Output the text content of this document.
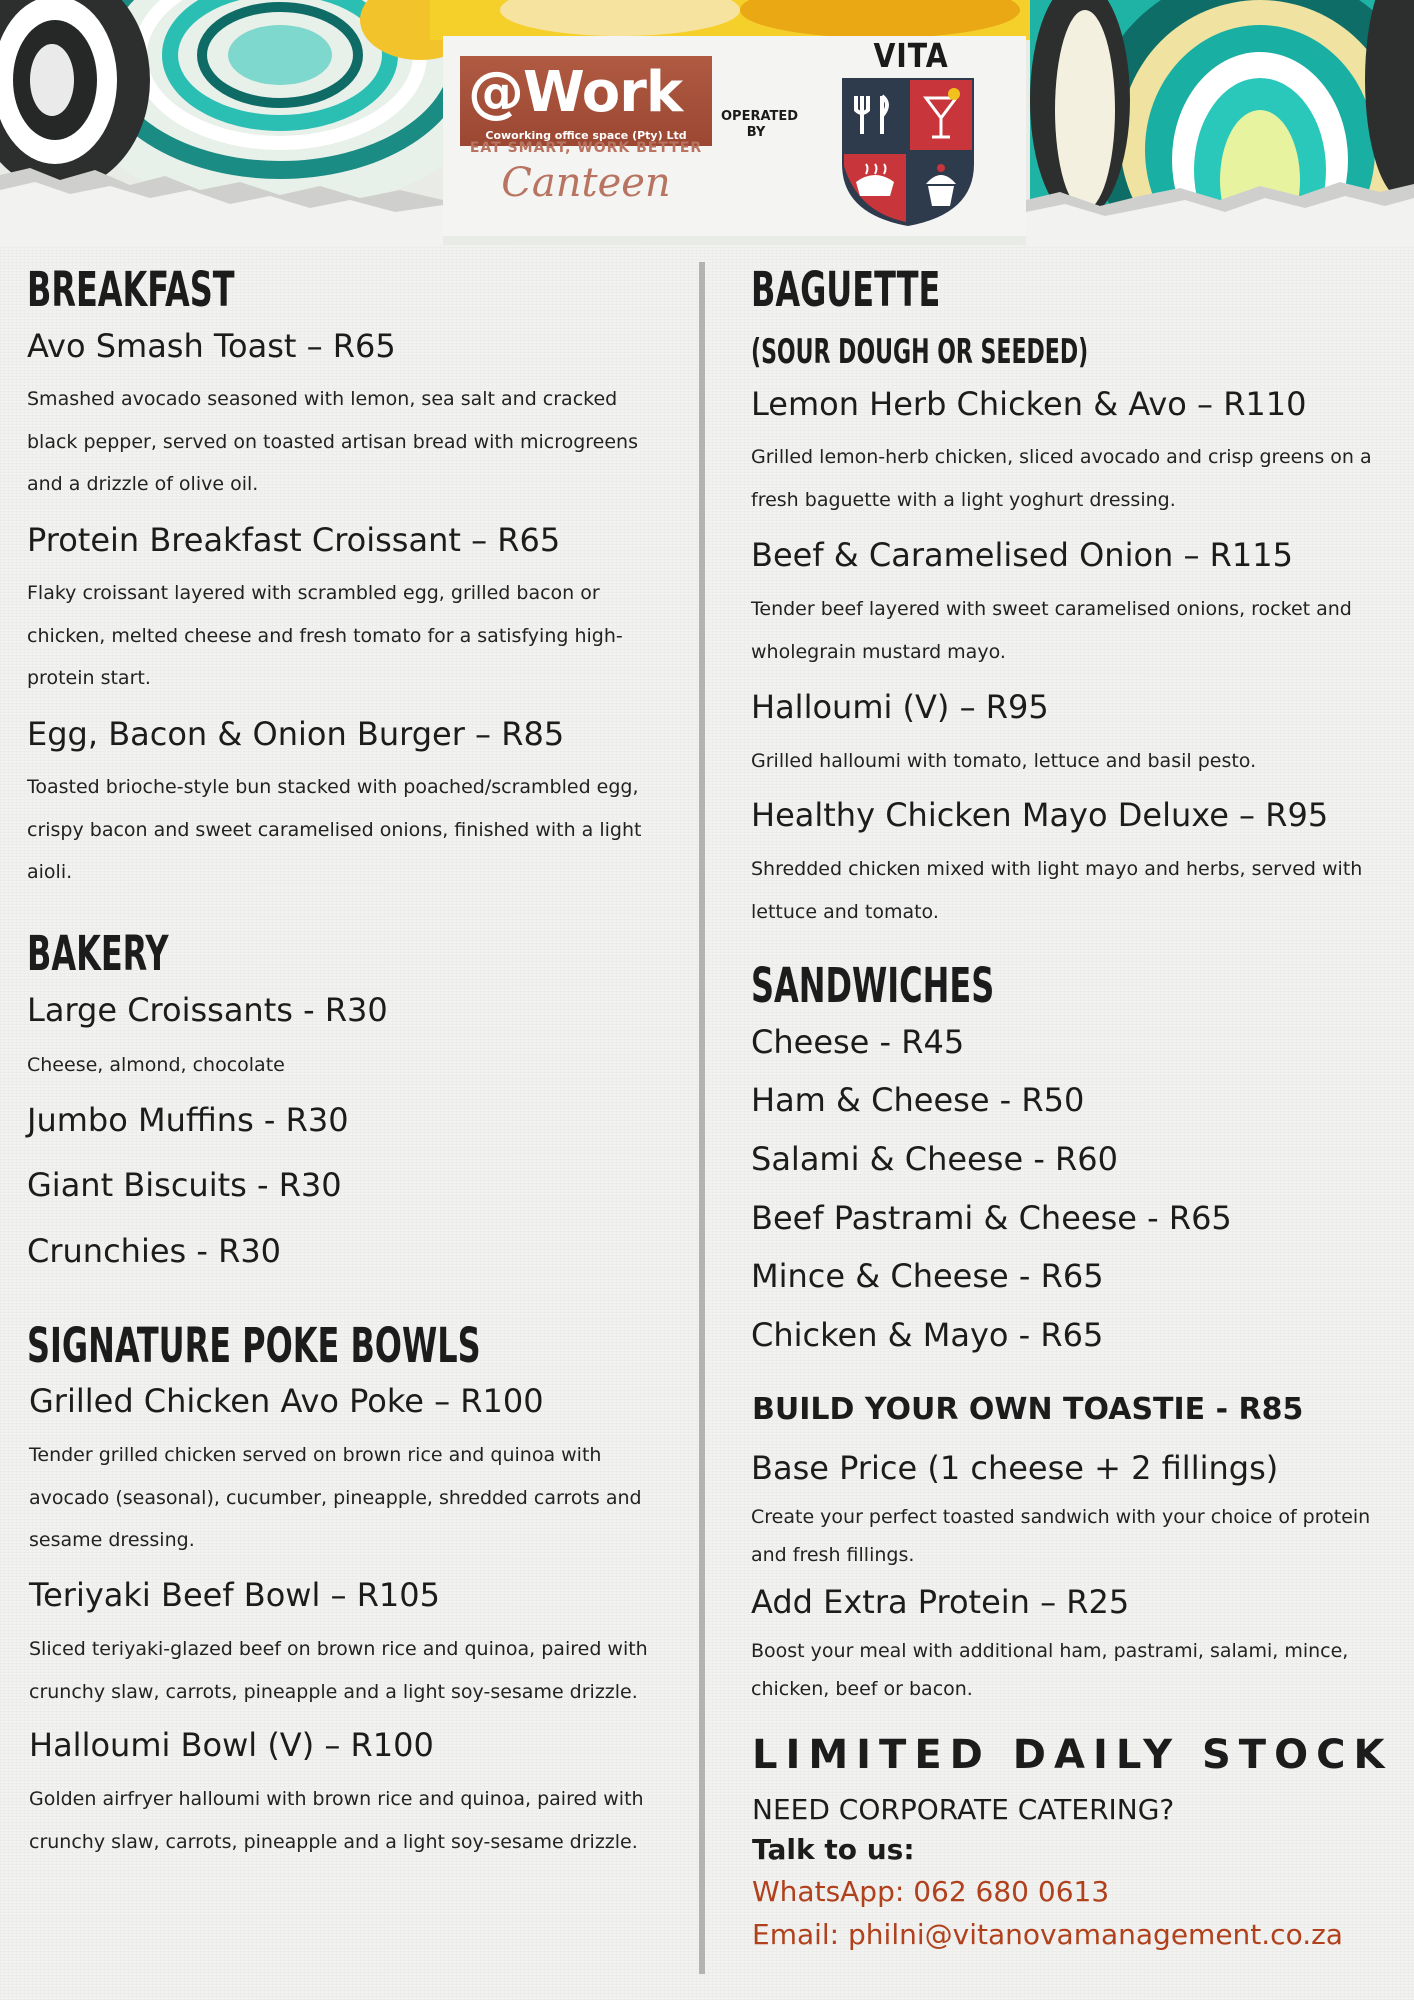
@Work
Coworking office space (Pty) Ltd
EAT SMART, WORK BETTER
Canteen
OPERATED BY
VITA
BREAKFAST
Avo Smash Toast – R65
Smashed avocado seasoned with lemon, sea salt and cracked black pepper, served on toasted artisan bread with microgreens and a drizzle of olive oil.
Protein Breakfast Croissant – R65
Flaky croissant layered with scrambled egg, grilled bacon or chicken, melted cheese and fresh tomato for a satisfying high-protein start.
Egg, Bacon & Onion Burger – R85
Toasted brioche-style bun stacked with poached/scrambled egg, crispy bacon and sweet caramelised onions, finished with a light aioli.
BAKERY
Large Croissants - R30
Cheese, almond, chocolate
Jumbo Muffins - R30
Giant Biscuits - R30
Crunchies - R30
SIGNATURE POKE BOWLS
Grilled Chicken Avo Poke – R100
Tender grilled chicken served on brown rice and quinoa with avocado (seasonal), cucumber, pineapple, shredded carrots and sesame dressing.
Teriyaki Beef Bowl – R105
Sliced teriyaki-glazed beef on brown rice and quinoa, paired with crunchy slaw, carrots, pineapple and a light soy-sesame drizzle.
Halloumi Bowl (V) – R100
Golden airfryer halloumi with brown rice and quinoa, paired with crunchy slaw, carrots, pineapple and a light soy-sesame drizzle.
BAGUETTE
(SOUR DOUGH OR SEEDED)
Lemon Herb Chicken & Avo – R110
Grilled lemon-herb chicken, sliced avocado and crisp greens on a fresh baguette with a light yoghurt dressing.
Beef & Caramelised Onion – R115
Tender beef layered with sweet caramelised onions, rocket and wholegrain mustard mayo.
Halloumi (V) – R95
Grilled halloumi with tomato, lettuce and basil pesto.
Healthy Chicken Mayo Deluxe – R95
Shredded chicken mixed with light mayo and herbs, served with lettuce and tomato.
SANDWICHES
Cheese - R45
Ham & Cheese - R50
Salami & Cheese - R60
Beef Pastrami & Cheese - R65
Mince & Cheese - R65
Chicken & Mayo - R65
BUILD YOUR OWN TOASTIE - R85
Base Price (1 cheese + 2 fillings)
Create your perfect toasted sandwich with your choice of protein and fresh fillings.
Add Extra Protein – R25
Boost your meal with additional ham, pastrami, salami, mince, chicken, beef or bacon.
LIMITED DAILY STOCK
NEED CORPORATE CATERING?
Talk to us:
WhatsApp: 062 680 0613
Email: philni@vitanovamanagement.co.za
